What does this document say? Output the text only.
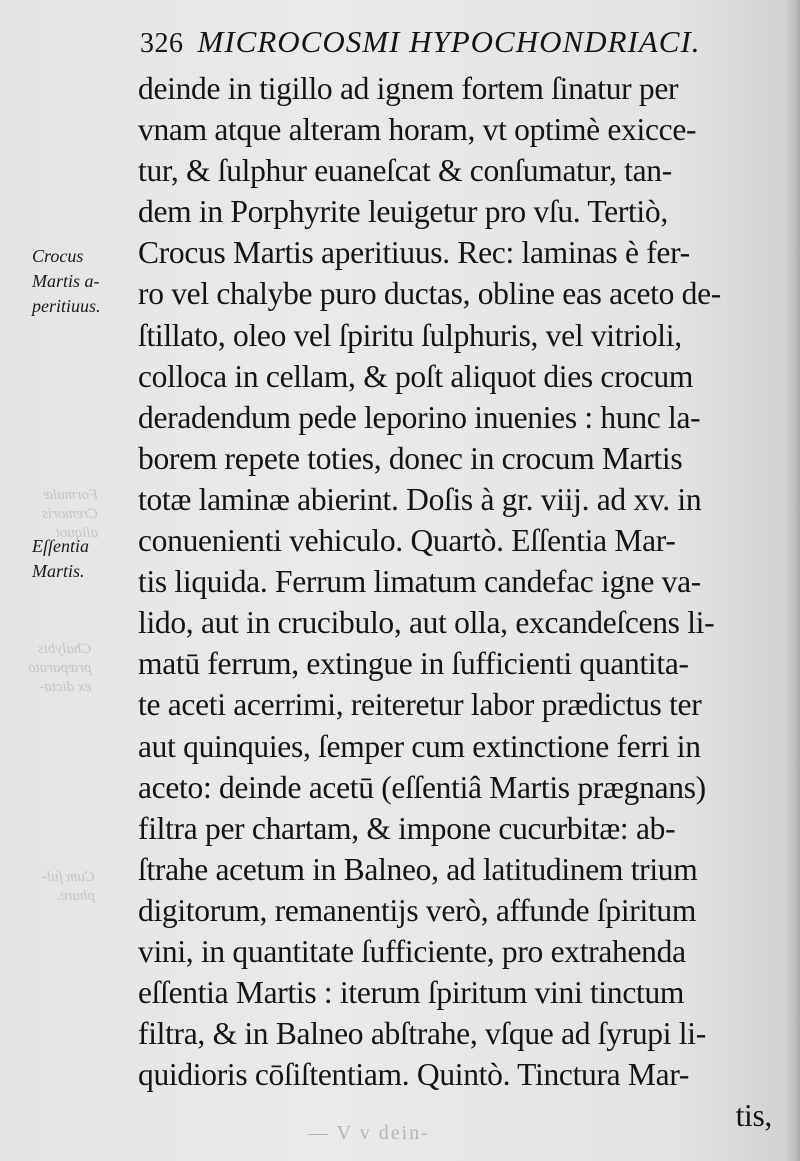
Formulæ
Cremoris
aliquot
Chalybis
præparato
ex dicta-
Cum ſul-
phure.
326 MICROCOSMI HYPOCHONDRIACI.
deinde in tigillo ad ignem fortem ſinatur per
vnam atque alteram horam, vt optimè exicce-
tur, & ſulphur euaneſcat & conſumatur, tan-
dem in Porphyrite leuigetur pro vſu. Tertiò,
Crocus Martis aperitiuus. Rec: laminas è fer-
ro vel chalybe puro ductas, obline eas aceto de-
ſtillato, oleo vel ſpiritu ſulphuris, vel vitrioli,
colloca in cellam, & poſt aliquot dies crocum
deradendum pede leporino inuenies : hunc la-
borem repete toties, donec in crocum Martis
totæ laminæ abierint. Doſis à gr. viij. ad xv. in
conuenienti vehiculo. Quartò. Eſſentia Mar-
tis liquida. Ferrum limatum candefac igne va-
lido, aut in crucibulo, aut olla, excandeſcens li-
matū ferrum, extingue in ſufficienti quantita-
te aceti acerrimi, reiteretur labor prædictus ter
aut quinquies, ſemper cum extinctione ferri in
aceto: deinde acetū (eſſentiâ Martis prægnans)
filtra per chartam, & impone cucurbitæ: ab-
ſtrahe acetum in Balneo, ad latitudinem trium
digitorum, remanentijs verò, affunde ſpiritum
vini, in quantitate ſufficiente, pro extrahenda
eſſentia Martis : iterum ſpiritum vini tinctum
filtra, & in Balneo abſtrahe, vſque ad ſyrupi li-
quidioris cōſiſtentiam. Quintò. Tinctura Mar-
tis,
Crocus
Martis a-
peritiuus.
Eſſentia
Martis.
— V v dein-
